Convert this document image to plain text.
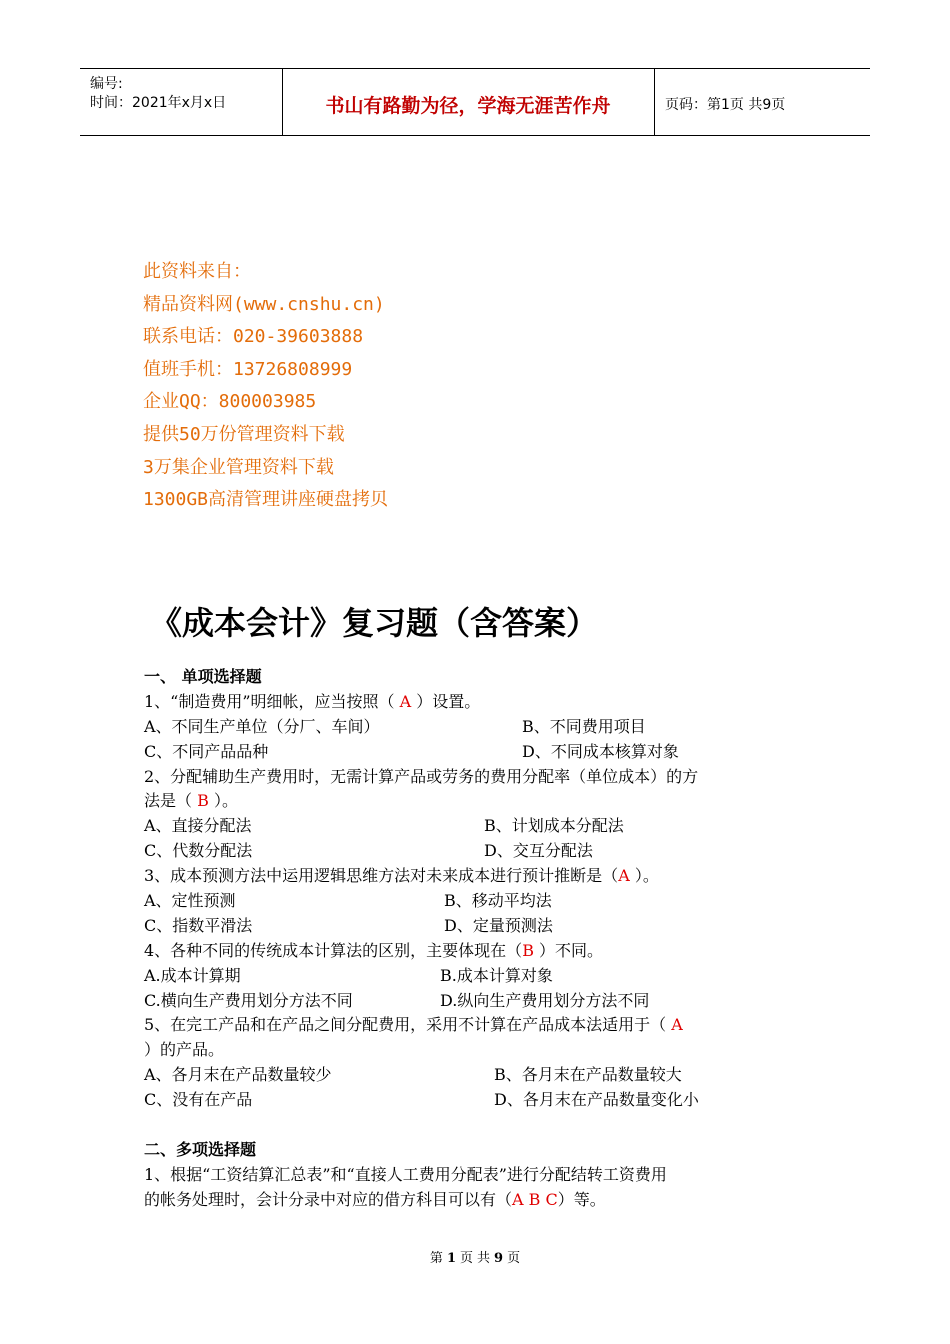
编号:
时间：2021年x月x日	书山有路勤为径，学海无涯苦作舟	页码：第1页 共9页
此资料来自：
精品资料网(www.cnshu.cn)
联系电话：020-39603888
值班手机：13726808999
企业QQ：800003985
提供50万份管理资料下载
3万集企业管理资料下载
1300GB高清管理讲座硬盘拷贝
《成本会计》复习题（含答案）
一、 单项选择题
1、“制造费用”明细帐，应当按照（ A ）设置。
A、不同生产单位（分厂、车间）	B、不同费用项目
C、不同产品品种	D、不同成本核算对象
2、分配辅助生产费用时，无需计算产品或劳务的费用分配率（单位成本）的方
法是（ B ）。
A、直接分配法	B、计划成本分配法
C、代数分配法	D、交互分配法
3、成本预测方法中运用逻辑思维方法对未来成本进行预计推断是（A ）。
A、定性预测	B、移动平均法
C、指数平滑法	D、定量预测法
4、各种不同的传统成本计算法的区别，主要体现在（B ）不同。
A.成本计算期	B.成本计算对象
C.横向生产费用划分方法不同	D.纵向生产费用划分方法不同
5、在完工产品和在产品之间分配费用，采用不计算在产品成本法适用于（ A
）的产品。
A、各月末在产品数量较少	B、各月末在产品数量较大
C、没有在产品	D、各月末在产品数量变化小
二、多项选择题
1、根据“工资结算汇总表”和“直接人工费用分配表”进行分配结转工资费用
的帐务处理时，会计分录中对应的借方科目可以有（A B C）等。
第 1 页 共 9 页
